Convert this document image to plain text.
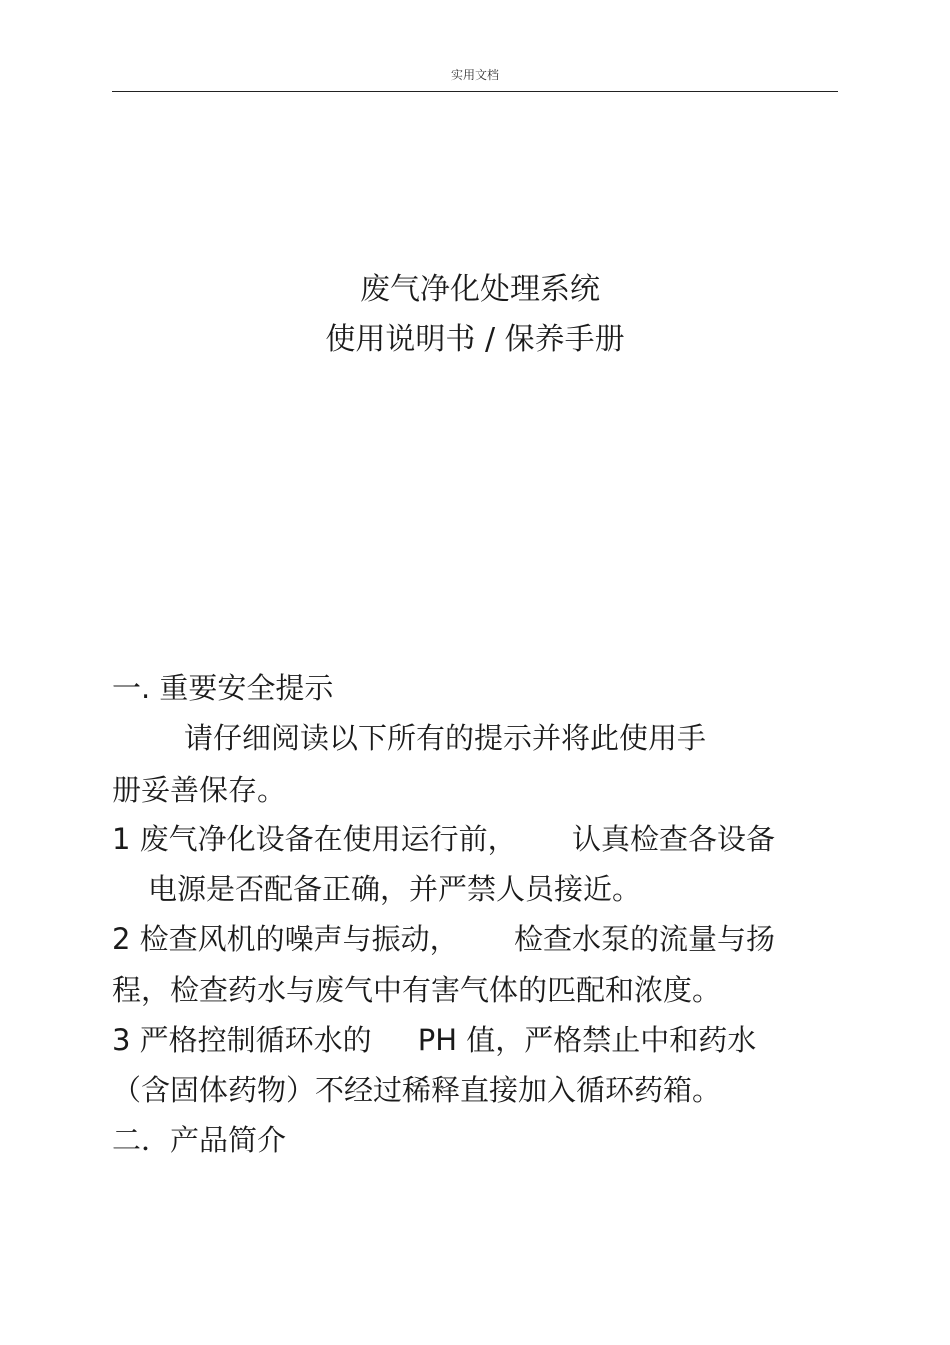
实用文档
废气净化处理系统
使用说明书 / 保养手册
一. 重要安全提示
请仔细阅读以下所有的提示并将此使用手
册妥善保存。
1 废气净化设备在使用运行前，      认真检查各设备
电源是否配备正确，并严禁人员接近。
2 检查风机的噪声与振动，      检查水泵的流量与扬
程，检查药水与废气中有害气体的匹配和浓度。
3 严格控制循环水的     PH 值，严格禁止中和药水
（含固体药物）不经过稀释直接加入循环药箱。
二．产品简介
